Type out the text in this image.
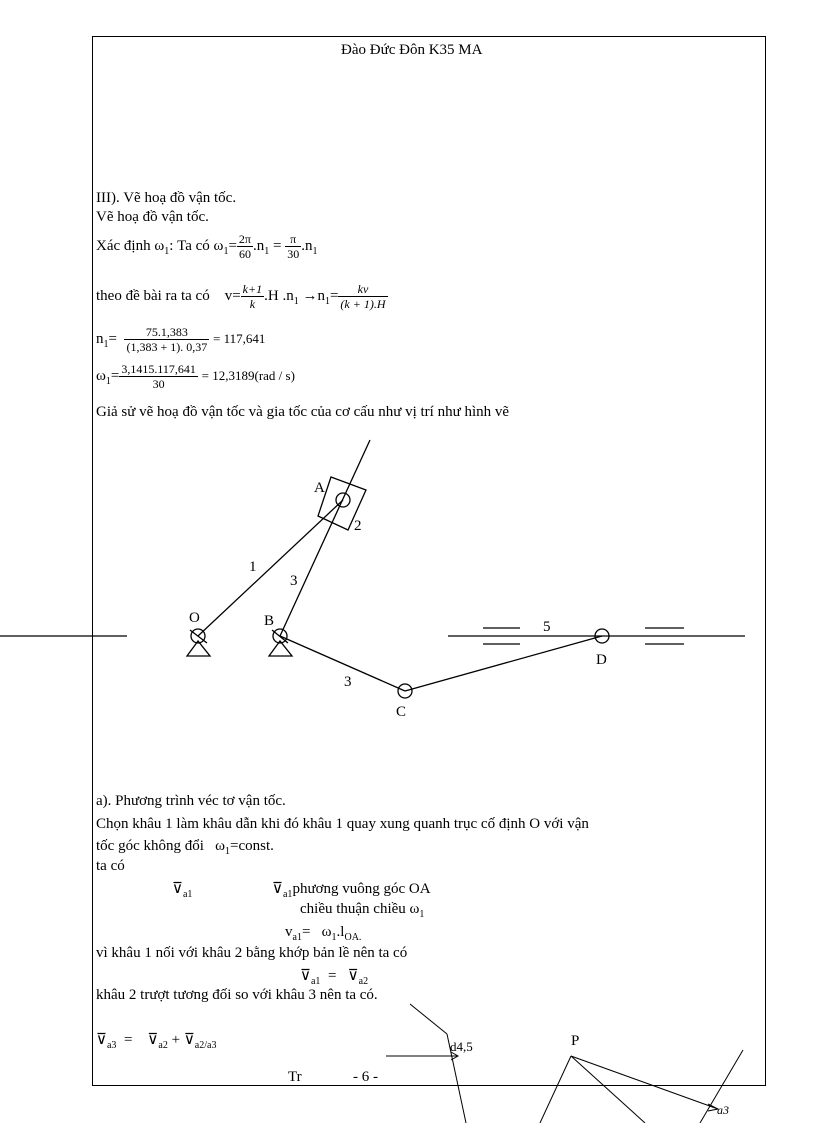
Đào Đức Đôn K35 MA
III). Vẽ hoạ đồ vận tốc.
Vẽ hoạ đồ vận tốc.
Xác định $\omega_1$: Ta có $\omega_1= \frac{2\pi}{60} .n_1 = \frac{\pi}{30} .n_1$
theo đề bài ra ta có $v= \frac{k+1}{k} .H$ $.n_1 \to n_1= \frac{kv}{(k + 1).H}$
$n_1= \frac{75.1,383}{(1,383 + 1). 0,37} = 117,641$
$\omega_1= \frac{3,1415.117,641}{30} = 12,3189(rad / s)$
Giả sử vẽ hoạ đồ vận tốc và gia tốc của cơ cấu như vị trí như hình vẽ
A
O	B
C
D
1
2
3
3
5
P
d4,5
a3
a). Phương trình véc tơ vận tốc.
Chọn khâu 1 làm khâu dẫn khi đó khâu 1 quay xung quanh trục cố định O với vận
tốc góc không đổi $\omega_1=const$.
ta có
$⊽_{a1}$	$⊽_{a1}phương$ vuông góc OA
chiều thuận chiều $\omega_1$
$v_{a1}= \omega_1.l_{OA.}$
vì khâu 1 nối với khâu 2 bằng khớp bản lề nên ta có
$⊽_{a1}$  =   $⊽_{a2}$
khâu 2 trượt tương đối so với khâu 3 nên ta có.
$⊽_{a3}$  =    $⊽_{a2}$ + $⊽_{a2/a3}$
Tr	- 6 -
